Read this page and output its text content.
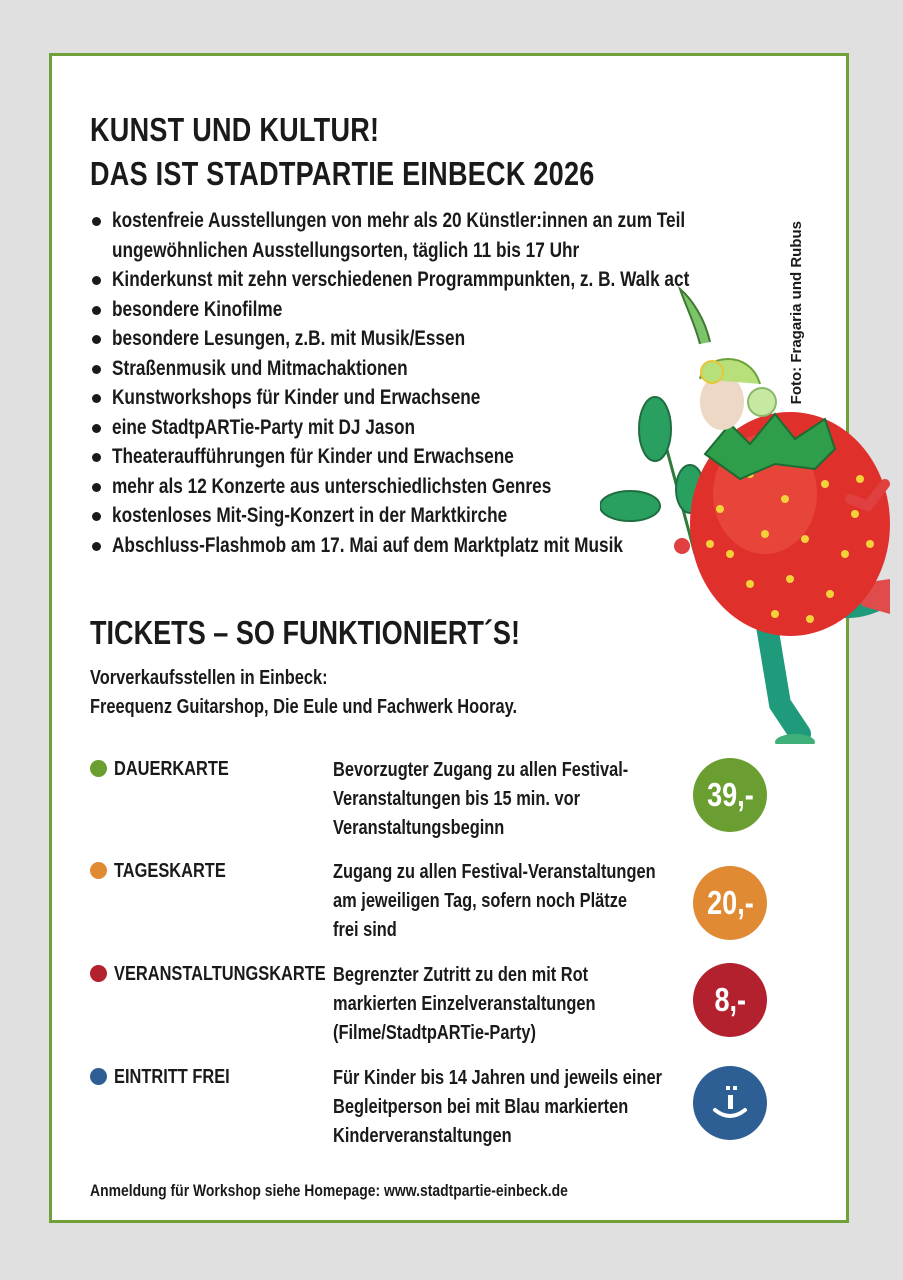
KUNST UND KULTUR!
DAS IST STADTPARTIE EINBECK 2026
kostenfreie Ausstellungen von mehr als 20 Künstler:innen an zum Teil
ungewöhnlichen Ausstellungsorten, täglich 11 bis 17 Uhr
Kinderkunst mit zehn verschiedenen Programmpunkten, z. B. Walk act
besondere Kinofilme
besondere Lesungen, z.B. mit Musik/Essen
Straßenmusik und Mitmachaktionen
Kunstworkshops für Kinder und Erwachsene
eine StadtpARTie-Party mit DJ Jason
Theateraufführungen für Kinder und Erwachsene
mehr als 12 Konzerte aus unterschiedlichsten Genres
kostenloses Mit-Sing-Konzert in der Marktkirche
Abschluss-Flashmob am 17. Mai auf dem Marktplatz mit Musik
Foto: Fragaria und Rubus
TICKETS – SO FUNKTIONIERT´S!
Vorverkaufsstellen in Einbeck:
Freequenz Guitarshop, Die Eule und Fachwerk Hooray.
DAUERKARTE	Bevorzugter Zugang zu allen Festival-
Veranstaltungen bis 15 min. vor
Veranstaltungsbeginn
39,-
TAGESKARTE	Zugang zu allen Festival-Veranstaltungen
am jeweiligen Tag, sofern noch Plätze
frei sind
20,-
VERANSTALTUNGSKARTE Begrenzter Zutritt zu den mit Rot
markierten Einzelveranstaltungen
(Filme/StadtpARTie-Party)
8,-
EINTRITT FREI	Für Kinder bis 14 Jahren und jeweils einer
Begleitperson bei mit Blau markierten
Kinderveranstaltungen
Anmeldung für Workshop siehe Homepage: www.stadtpartie-einbeck.de
